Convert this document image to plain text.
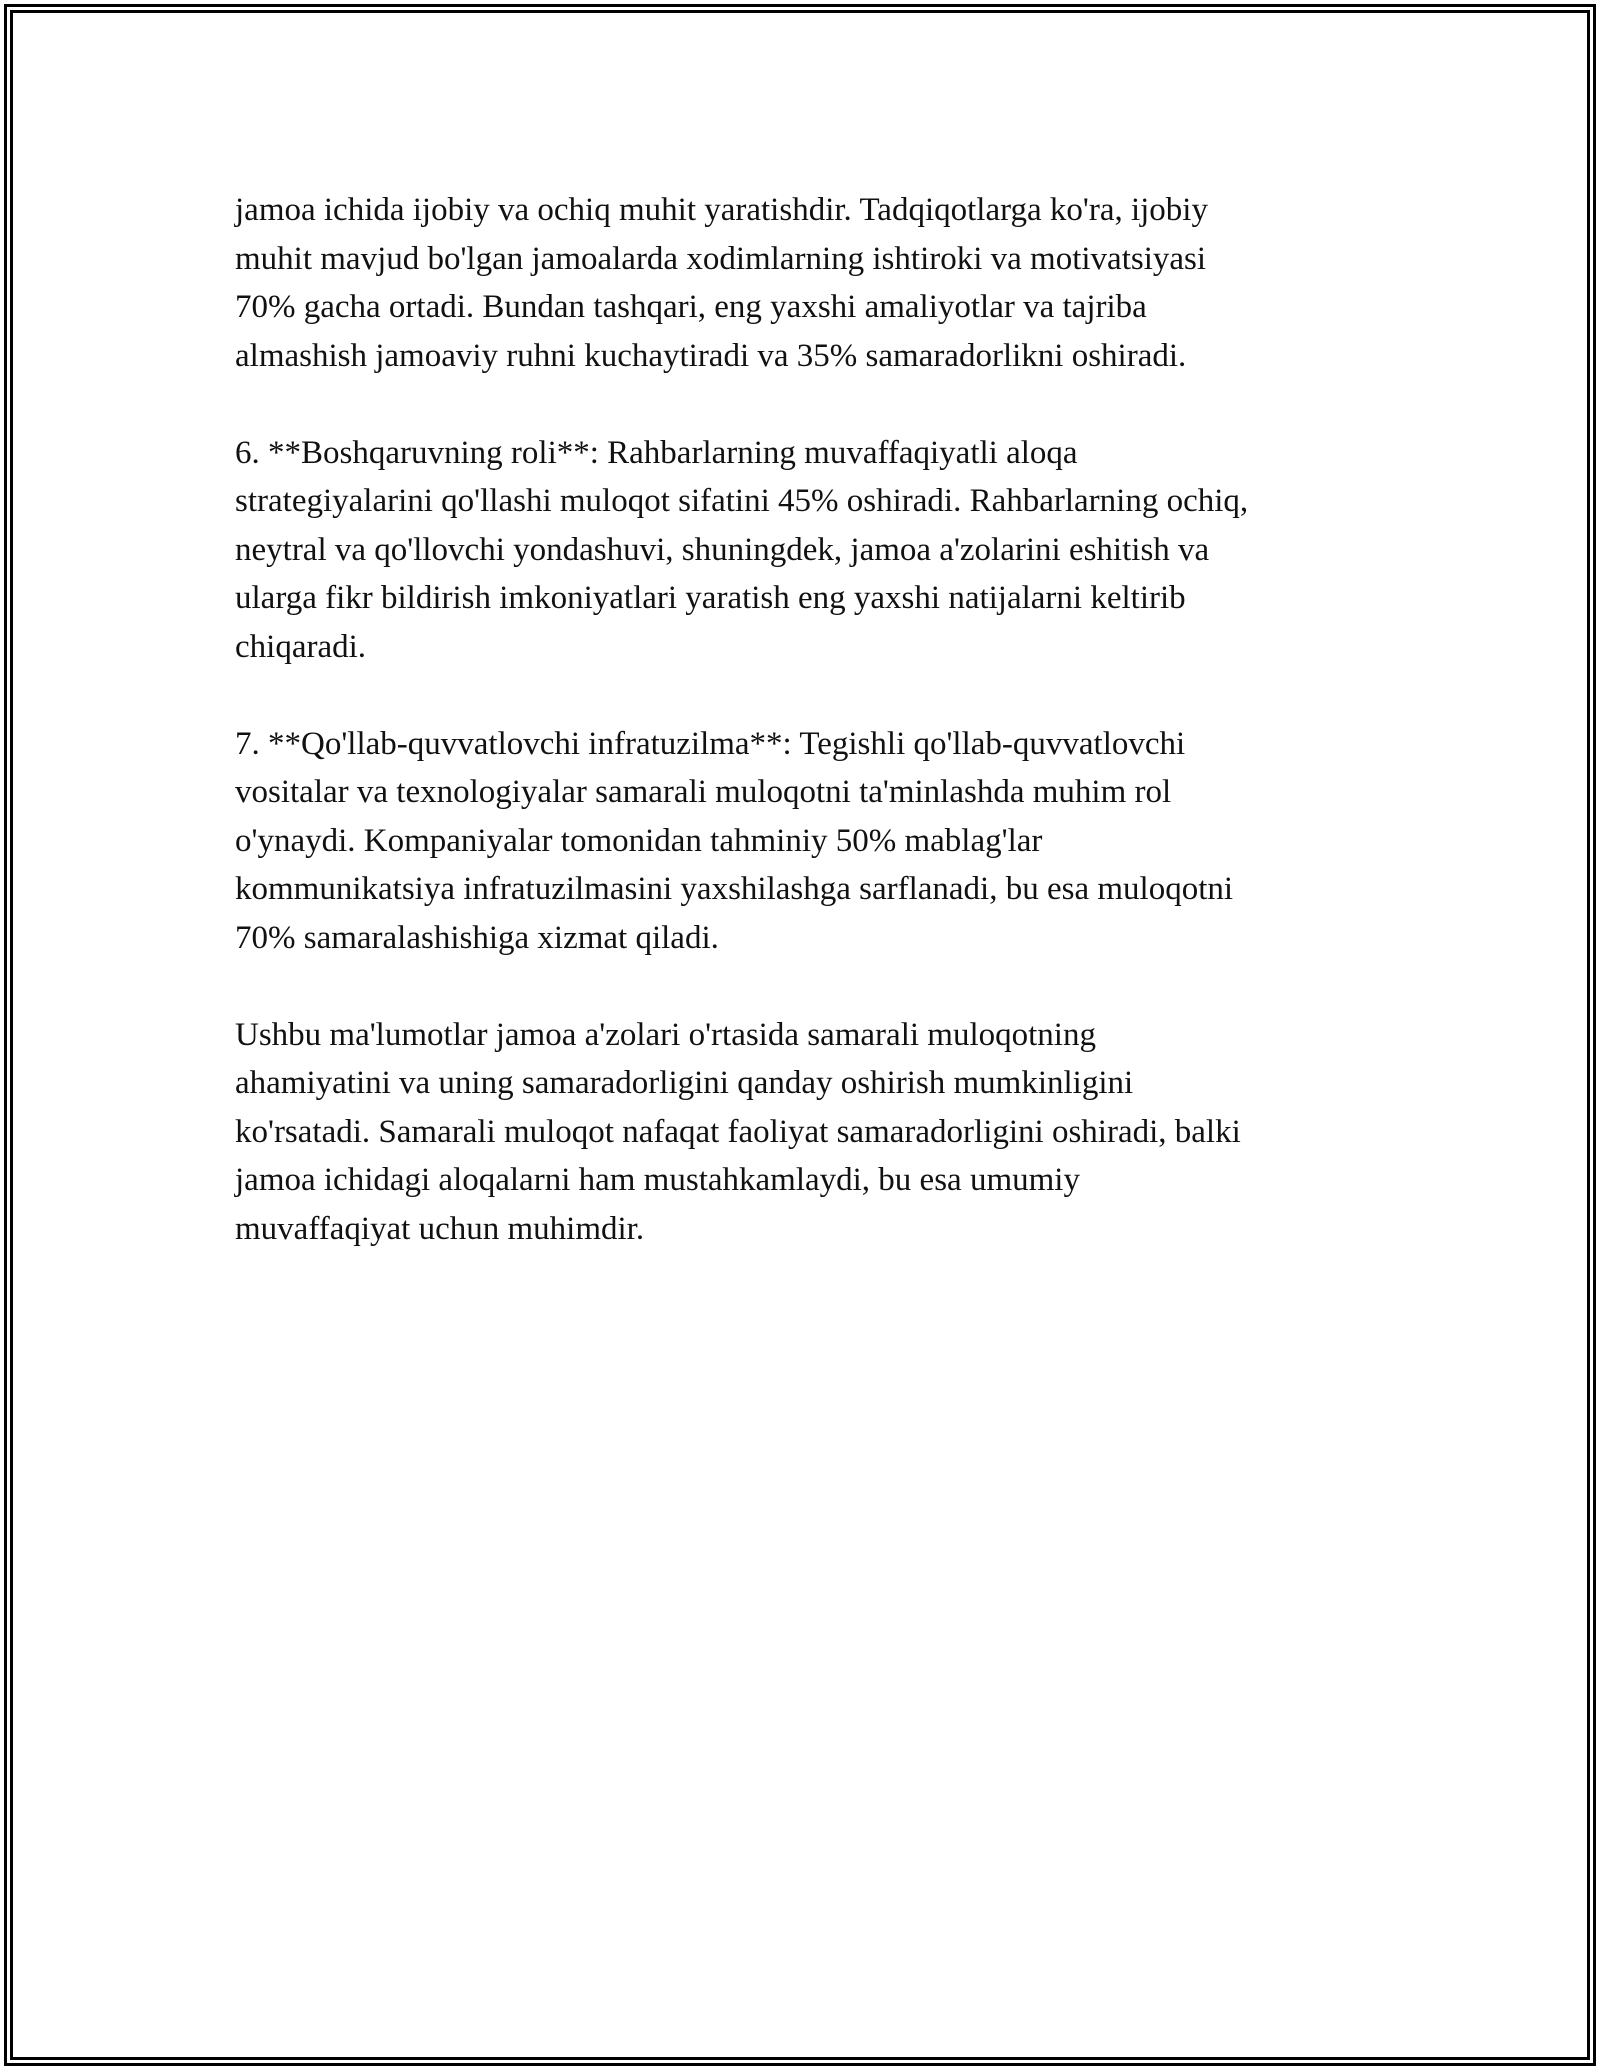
jamoa ichida ijobiy va ochiq muhit yaratishdir. Tadqiqotlarga ko'ra, ijobiy
muhit mavjud bo'lgan jamoalarda xodimlarning ishtiroki va motivatsiyasi
70% gacha ortadi. Bundan tashqari, eng yaxshi amaliyotlar va tajriba
almashish jamoaviy ruhni kuchaytiradi va 35% samaradorlikni oshiradi.

6. **Boshqaruvning roli**: Rahbarlarning muvaffaqiyatli aloqa
strategiyalarini qo'llashi muloqot sifatini 45% oshiradi. Rahbarlarning ochiq,
neytral va qo'llovchi yondashuvi, shuningdek, jamoa a'zolarini eshitish va
ularga fikr bildirish imkoniyatlari yaratish eng yaxshi natijalarni keltirib
chiqaradi.

7. **Qo'llab-quvvatlovchi infratuzilma**: Tegishli qo'llab-quvvatlovchi
vositalar va texnologiyalar samarali muloqotni ta'minlashda muhim rol
o'ynaydi. Kompaniyalar tomonidan tahminiy 50% mablag'lar
kommunikatsiya infratuzilmasini yaxshilashga sarflanadi, bu esa muloqotni
70% samaralashishiga xizmat qiladi.

Ushbu ma'lumotlar jamoa a'zolari o'rtasida samarali muloqotning
ahamiyatini va uning samaradorligini qanday oshirish mumkinligini
ko'rsatadi. Samarali muloqot nafaqat faoliyat samaradorligini oshiradi, balki
jamoa ichidagi aloqalarni ham mustahkamlaydi, bu esa umumiy
muvaffaqiyat uchun muhimdir.
